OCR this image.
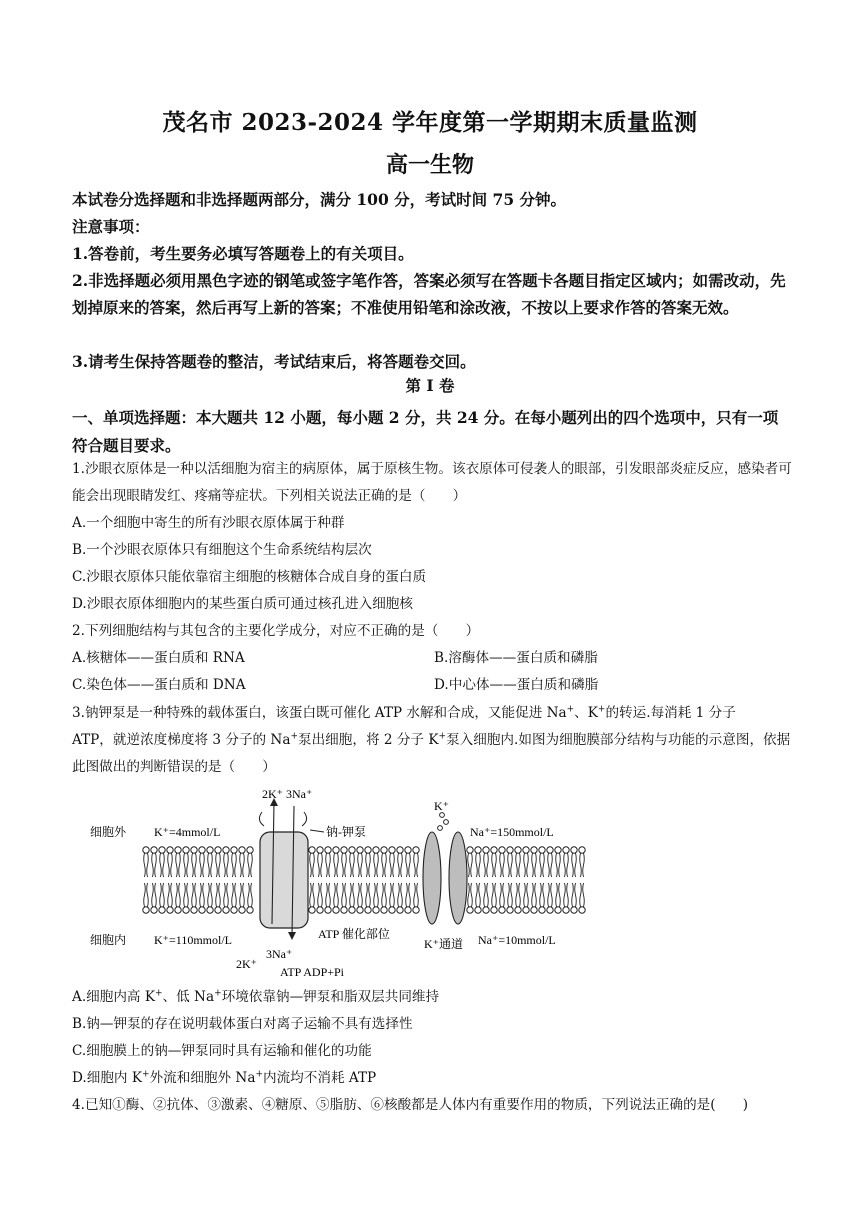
茂名市 2023-2024 学年度第一学期期末质量监测
高一生物
本试卷分选择题和非选择题两部分，满分 100 分，考试时间 75 分钟。
注意事项：
1.答卷前，考生要务必填写答题卷上的有关项目。
2.非选择题必须用黑色字迹的钢笔或签字笔作答，答案必须写在答题卡各题目指定区域内；如需改动，先划掉原来的答案，然后再写上新的答案；不准使用铅笔和涂改液，不按以上要求作答的答案无效。
3.请考生保持答题卷的整洁，考试结束后，将答题卷交回。
第 Ⅰ 卷
一、单项选择题：本大题共 12 小题，每小题 2 分，共 24 分。在每小题列出的四个选项中，只有一项符合题目要求。
1.沙眼衣原体是一种以活细胞为宿主的病原体，属于原核生物。该衣原体可侵袭人的眼部，引发眼部炎症反应，感染者可能会出现眼睛发红、疼痛等症状。下列相关说法正确的是（　　）
A.一个细胞中寄生的所有沙眼衣原体属于种群
B.一个沙眼衣原体只有细胞这个生命系统结构层次
C.沙眼衣原体只能依靠宿主细胞的核糖体合成自身的蛋白质
D.沙眼衣原体细胞内的某些蛋白质可通过核孔进入细胞核
2.下列细胞结构与其包含的主要化学成分，对应不正确的是（　　）
A.核糖体——蛋白质和 RNA	B.溶酶体——蛋白质和磷脂
C.染色体——蛋白质和 DNA	D.中心体——蛋白质和磷脂
3.钠钾泵是一种特殊的载体蛋白，该蛋白既可催化 ATP 水解和合成，又能促进 Na+、K+的转运.每消耗 1 分子
ATP，就逆浓度梯度将 3 分子的 Na+泵出细胞，将 2 分子 K+泵入细胞内.如图为细胞膜部分结构与功能的示意图，依据此图做出的判断错误的是（　　）
细胞外
细胞内
K⁺=4mmol/L	Na⁺=150mmol/L
K⁺=110mmol/L	Na⁺=10mmol/L
2K⁺ 3Na⁺
钠-钾泵
ATP 催化部位
3Na⁺
2K⁺
ATP ADP+Pi
K⁺通道
K⁺
A.细胞内高 K+、低 Na+环境依靠钠—钾泵和脂双层共同维持
B.钠—钾泵的存在说明载体蛋白对离子运输不具有选择性
C.细胞膜上的钠—钾泵同时具有运输和催化的功能
D.细胞内 K+外流和细胞外 Na+内流均不消耗 ATP
4.已知①酶、②抗体、③激素、④糖原、⑤脂肪、⑥核酸都是人体内有重要作用的物质，下列说法正确的是(　　)
